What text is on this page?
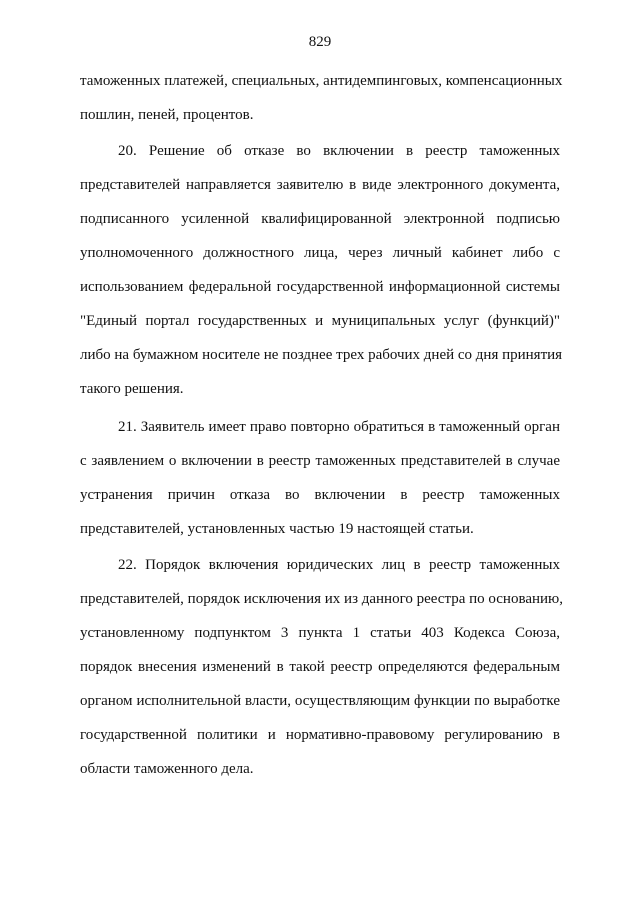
829
таможенных платежей, специальных, антидемпинговых, компенсационных
пошлин, пеней, процентов.
20. Решение об отказе во включении в реестр таможенных
представителей направляется заявителю в виде электронного документа,
подписанного усиленной квалифицированной электронной подписью
уполномоченного должностного лица, через личный кабинет либо с
использованием федеральной государственной информационной системы
"Единый портал государственных и муниципальных услуг (функций)"
либо на бумажном носителе не позднее трех рабочих дней со дня принятия
такого решения.
21. Заявитель имеет право повторно обратиться в таможенный орган
с заявлением о включении в реестр таможенных представителей в случае
устранения причин отказа во включении в реестр таможенных
представителей, установленных частью 19 настоящей статьи.
22. Порядок включения юридических лиц в реестр таможенных
представителей, порядок исключения их из данного реестра по основанию,
установленному подпунктом 3 пункта 1 статьи 403 Кодекса Союза,
порядок внесения изменений в такой реестр определяются федеральным
органом исполнительной власти, осуществляющим функции по выработке
государственной политики и нормативно-правовому регулированию в
области таможенного дела.
